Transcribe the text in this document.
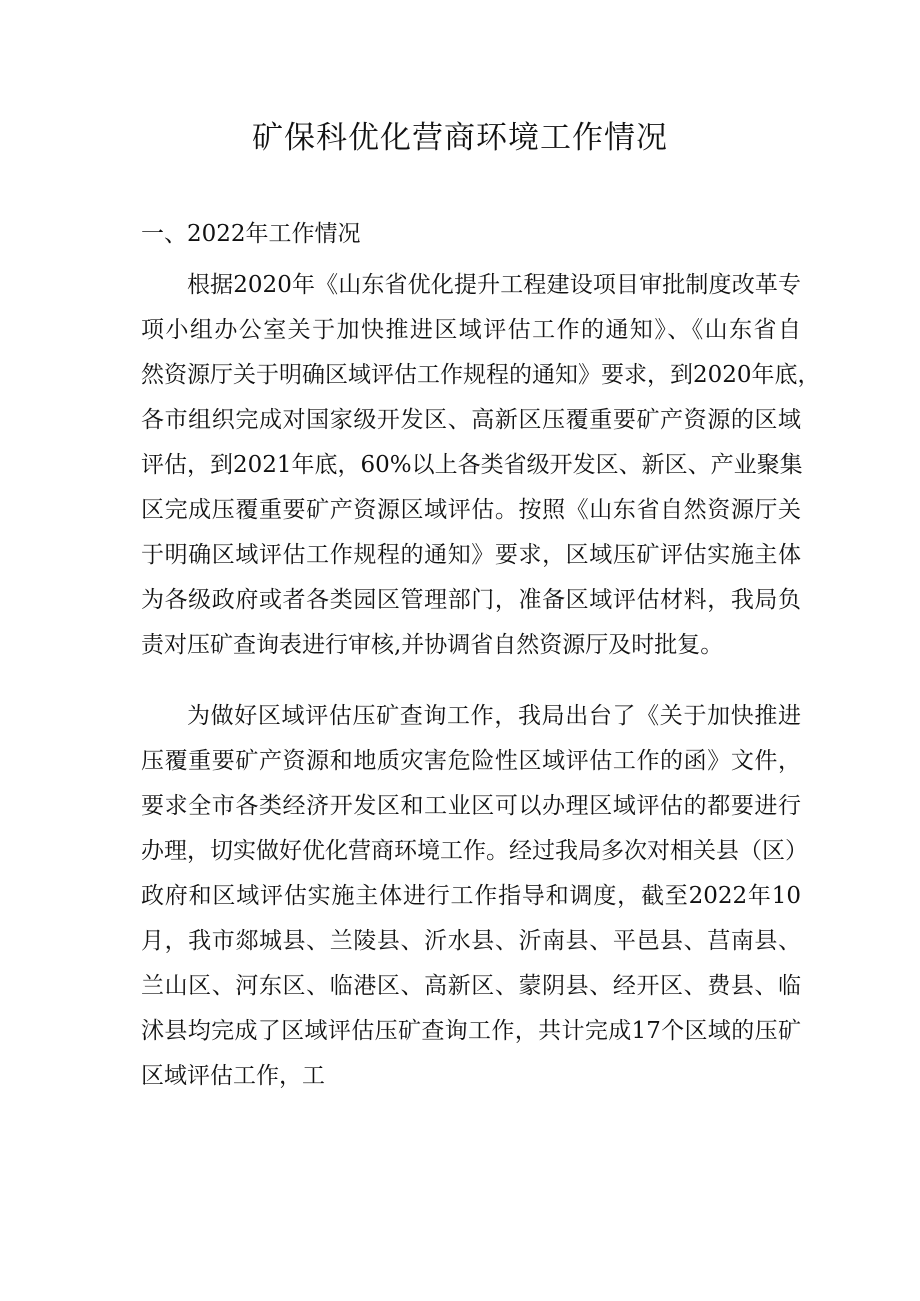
矿保科优化营商环境工作情况
一、2022年工作情况

根据2020年《山东省优化提升工程建设项目审批制度改革专

项小组办公室关于加快推进区域评估工作的通知》、《山东省自

然资源厅关于明确区域评估工作规程的通知》要求，到2020年底，

各市组织完成对国家级开发区、高新区压覆重要矿产资源的区域

评估，到2021年底，60%以上各类省级开发区、新区、产业聚集

区完成压覆重要矿产资源区域评估。按照《山东省自然资源厅关

于明确区域评估工作规程的通知》要求，区域压矿评估实施主体

为各级政府或者各类园区管理部门，准备区域评估材料，我局负

责对压矿查询表进行审核,并协调省自然资源厅及时批复。

为做好区域评估压矿查询工作，我局出台了《关于加快推进

压覆重要矿产资源和地质灾害危险性区域评估工作的函》文件，

要求全市各类经济开发区和工业区可以办理区域评估的都要进行

办理，切实做好优化营商环境工作。经过我局多次对相关县（区）

政府和区域评估实施主体进行工作指导和调度，截至2022年10

月，我市郯城县、兰陵县、沂水县、沂南县、平邑县、莒南县、

兰山区、河东区、临港区、高新区、蒙阴县、经开区、费县、临

沭县均完成了区域评估压矿查询工作，共计完成17个区域的压矿

区域评估工作，工
